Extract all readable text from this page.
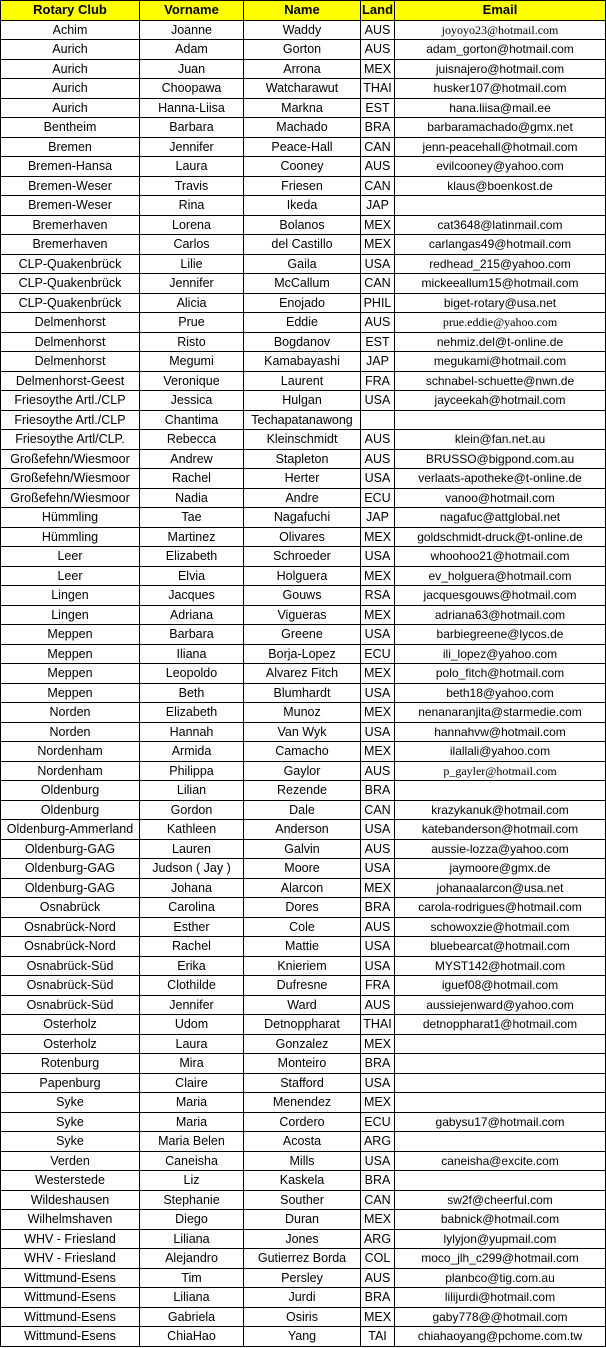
Rotary Club	Vorname	Name	Land	Email
Achim	Joanne	Waddy	AUS	joyoyo23@hotmail.com
Aurich	Adam	Gorton	AUS	adam_gorton@hotmail.com
Aurich	Juan	Arrona	MEX	juisnajero@hotmail.com
Aurich	Choopawa	Watcharawut	THAI	husker107@hotmail.com
Aurich	Hanna-Liisa	Markna	EST	hana.liisa@mail.ee
Bentheim	Barbara	Machado	BRA	barbaramachado@gmx.net
Bremen	Jennifer	Peace-Hall	CAN	jenn-peacehall@hotmail.com
Bremen-Hansa	Laura	Cooney	AUS	evilcooney@yahoo.com
Bremen-Weser	Travis	Friesen	CAN	klaus@boenkost.de
Bremen-Weser	Rina	Ikeda	JAP	
Bremerhaven	Lorena	Bolanos	MEX	cat3648@latinmail.com
Bremerhaven	Carlos	del Castillo	MEX	carlangas49@hotmail.com
CLP-Quakenbrück	Lilie	Gaila	USA	redhead_215@yahoo.com
CLP-Quakenbrück	Jennifer	McCallum	CAN	mickeeallum15@hotmail.com
CLP-Quakenbrück	Alicia	Enojado	PHIL	biget-rotary@usa.net
Delmenhorst	Prue	Eddie	AUS	prue.eddie@yahoo.com
Delmenhorst	Risto	Bogdanov	EST	nehmiz.del@t-online.de
Delmenhorst	Megumi	Kamabayashi	JAP	megukami@hotmail.com
Delmenhorst-Geest	Veronique	Laurent	FRA	schnabel-schuette@nwn.de
Friesoythe Artl./CLP	Jessica	Hulgan	USA	jayceekah@hotmail.com
Friesoythe Artl./CLP	Chantima	Techapatanawong		
Friesoythe Artl/CLP.	Rebecca	Kleinschmidt	AUS	klein@fan.net.au
Großefehn/Wiesmoor	Andrew	Stapleton	AUS	BRUSSO@bigpond.com.au
Großefehn/Wiesmoor	Rachel	Herter	USA	verlaats-apotheke@t-online.de
Großefehn/Wiesmoor	Nadia	Andre	ECU	vanoo@hotmail.com
Hümmling	Tae	Nagafuchi	JAP	nagafuc@attglobal.net
Hümmling	Martinez	Olivares	MEX	goldschmidt-druck@t-online.de
Leer	Elizabeth	Schroeder	USA	whoohoo21@hotmail.com
Leer	Elvia	Holguera	MEX	ev_holguera@hotmail.com
Lingen	Jacques	Gouws	RSA	jacquesgouws@hotmail.com
Lingen	Adriana	Vigueras	MEX	adriana63@hotmail.com
Meppen	Barbara	Greene	USA	barbiegreene@lycos.de
Meppen	Iliana	Borja-Lopez	ECU	ili_lopez@yahoo.com
Meppen	Leopoldo	Alvarez Fitch	MEX	polo_fitch@hotmail.com
Meppen	Beth	Blumhardt	USA	beth18@yahoo.com
Norden	Elizabeth	Munoz	MEX	nenanaranjita@starmedie.com
Norden	Hannah	Van Wyk	USA	hannahvw@hotmail.com
Nordenham	Armida	Camacho	MEX	ilallali@yahoo.com
Nordenham	Philippa	Gaylor	AUS	p_gayler@hotmail.com
Oldenburg	Lilian	Rezende	BRA	
Oldenburg	Gordon	Dale	CAN	krazykanuk@hotmail.com
Oldenburg-Ammerland	Kathleen	Anderson	USA	katebanderson@hotmail.com
Oldenburg-GAG	Lauren	Galvin	AUS	aussie-lozza@yahoo.com
Oldenburg-GAG	Judson ( Jay )	Moore	USA	jaymoore@gmx.de
Oldenburg-GAG	Johana	Alarcon	MEX	johanaalarcon@usa.net
Osnabrück	Carolina	Dores	BRA	carola-rodrigues@hotmail.com
Osnabrück-Nord	Esther	Cole	AUS	schowoxzie@hotmail.com
Osnabrück-Nord	Rachel	Mattie	USA	bluebearcat@hotmail.com
Osnabrück-Süd	Erika	Knieriem	USA	MYST142@hotmail.com
Osnabrück-Süd	Clothilde	Dufresne	FRA	iguef08@hotmail.com
Osnabrück-Süd	Jennifer	Ward	AUS	aussiejenward@yahoo.com
Osterholz	Udom	Detnoppharat	THAI	detnoppharat1@hotmail.com
Osterholz	Laura	Gonzalez	MEX	
Rotenburg	Mira	Monteiro	BRA	
Papenburg	Claire	Stafford	USA	
Syke	Maria	Menendez	MEX	
Syke	Maria	Cordero	ECU	gabysu17@hotmail.com
Syke	Maria Belen	Acosta	ARG	
Verden	Caneisha	Mills	USA	caneisha@excite.com
Westerstede	Liz	Kaskela	BRA	
Wildeshausen	Stephanie	Souther	CAN	sw2f@cheerful.com
Wilhelmshaven	Diego	Duran	MEX	babnick@hotmail.com
WHV - Friesland	Liliana	Jones	ARG	lylyjon@yupmail.com
WHV - Friesland	Alejandro	Gutierrez Borda	COL	moco_jlh_c299@hotmail.com
Wittmund-Esens	Tim	Persley	AUS	planbco@tig.com.au
Wittmund-Esens	Liliana	Jurdi	BRA	lilijurdi@hotmail.com
Wittmund-Esens	Gabriela	Osiris	MEX	gaby778@@hotmail.com
Wittmund-Esens	ChiaHao	Yang	TAI	chiahaoyang@pchome.com.tw
